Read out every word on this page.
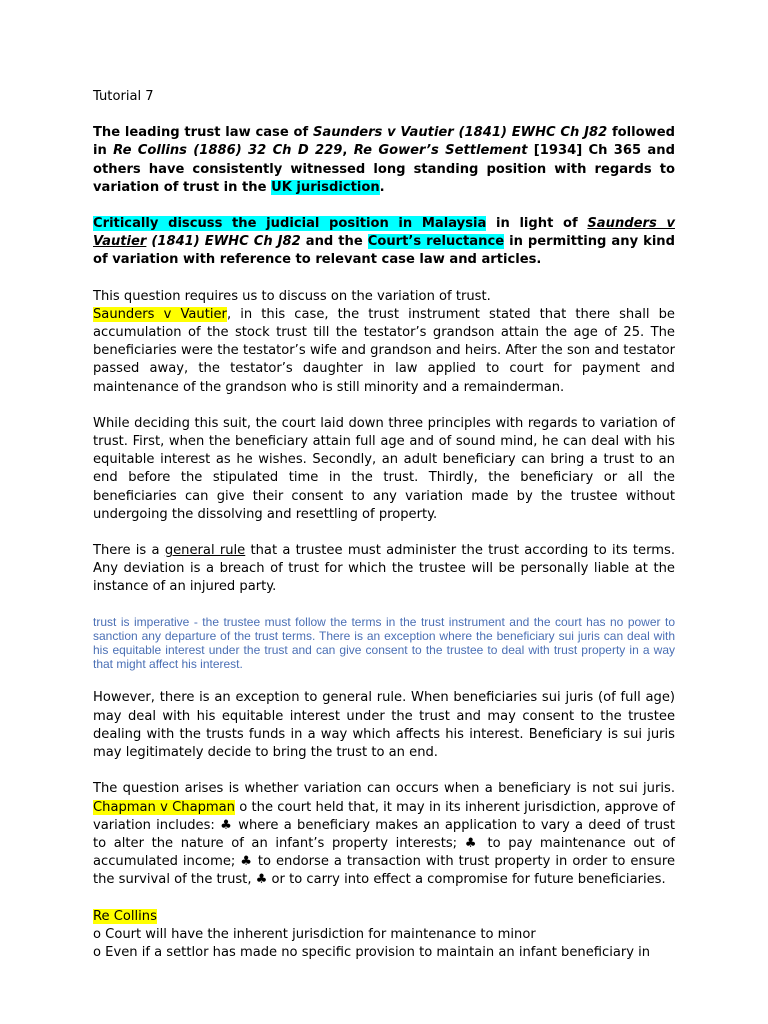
Tutorial 7

The leading trust law case of Saunders v Vautier (1841) EWHC Ch J82 followed in Re Collins (1886) 32 Ch D 229, Re Gower’s Settlement [1934] Ch 365 and others have consistently witnessed long standing position with regards to variation of trust in the UK jurisdiction.

Critically discuss the judicial position in Malaysia in light of Saunders v Vautier (1841) EWHC Ch J82 and the Court’s reluctance in permitting any kind of variation with reference to relevant case law and articles.

This question requires us to discuss on the variation of trust.

Saunders v Vautier, in this case, the trust instrument stated that there shall be accumulation of the stock trust till the testator’s grandson attain the age of 25. The beneficiaries were the testator’s wife and grandson and heirs. After the son and testator passed away, the testator’s daughter in law applied to court for payment and maintenance of the grandson who is still minority and a remainderman.

While deciding this suit, the court laid down three principles with regards to variation of trust. First, when the beneficiary attain full age and of sound mind, he can deal with his equitable interest as he wishes. Secondly, an adult beneficiary can bring a trust to an end before the stipulated time in the trust. Thirdly, the beneficiary or all the beneficiaries can give their consent to any variation made by the trustee without undergoing the dissolving and resettling of property.

There is a general rule that a trustee must administer the trust according to its terms. Any deviation is a breach of trust for which the trustee will be personally liable at the instance of an injured party.

trust is imperative - the trustee must follow the terms in the trust instrument and the court has no power to sanction any departure of the trust terms. There is an exception where the beneficiary sui juris can deal with his equitable interest under the trust and can give consent to the trustee to deal with trust property in a way that might affect his interest.

However, there is an exception to general rule. When beneficiaries sui juris (of full age) may deal with his equitable interest under the trust and may consent to the trustee dealing with the trusts funds in a way which affects his interest. Beneficiary is sui juris may legitimately decide to bring the trust to an end.

The question arises is whether variation can occurs when a beneficiary is not sui juris. Chapman v Chapman o the court held that, it may in its inherent jurisdiction, approve of variation includes: ♣ where a beneficiary makes an application to vary a deed of trust to alter the nature of an infant’s property interests; ♣ to pay maintenance out of accumulated income; ♣ to endorse a transaction with trust property in order to ensure the survival of the trust, ♣ or to carry into effect a compromise for future beneficiaries.

Re Collins

o Court will have the inherent jurisdiction for maintenance to minor

o Even if a settlor has made no specific provision to maintain an infant beneficiary in
